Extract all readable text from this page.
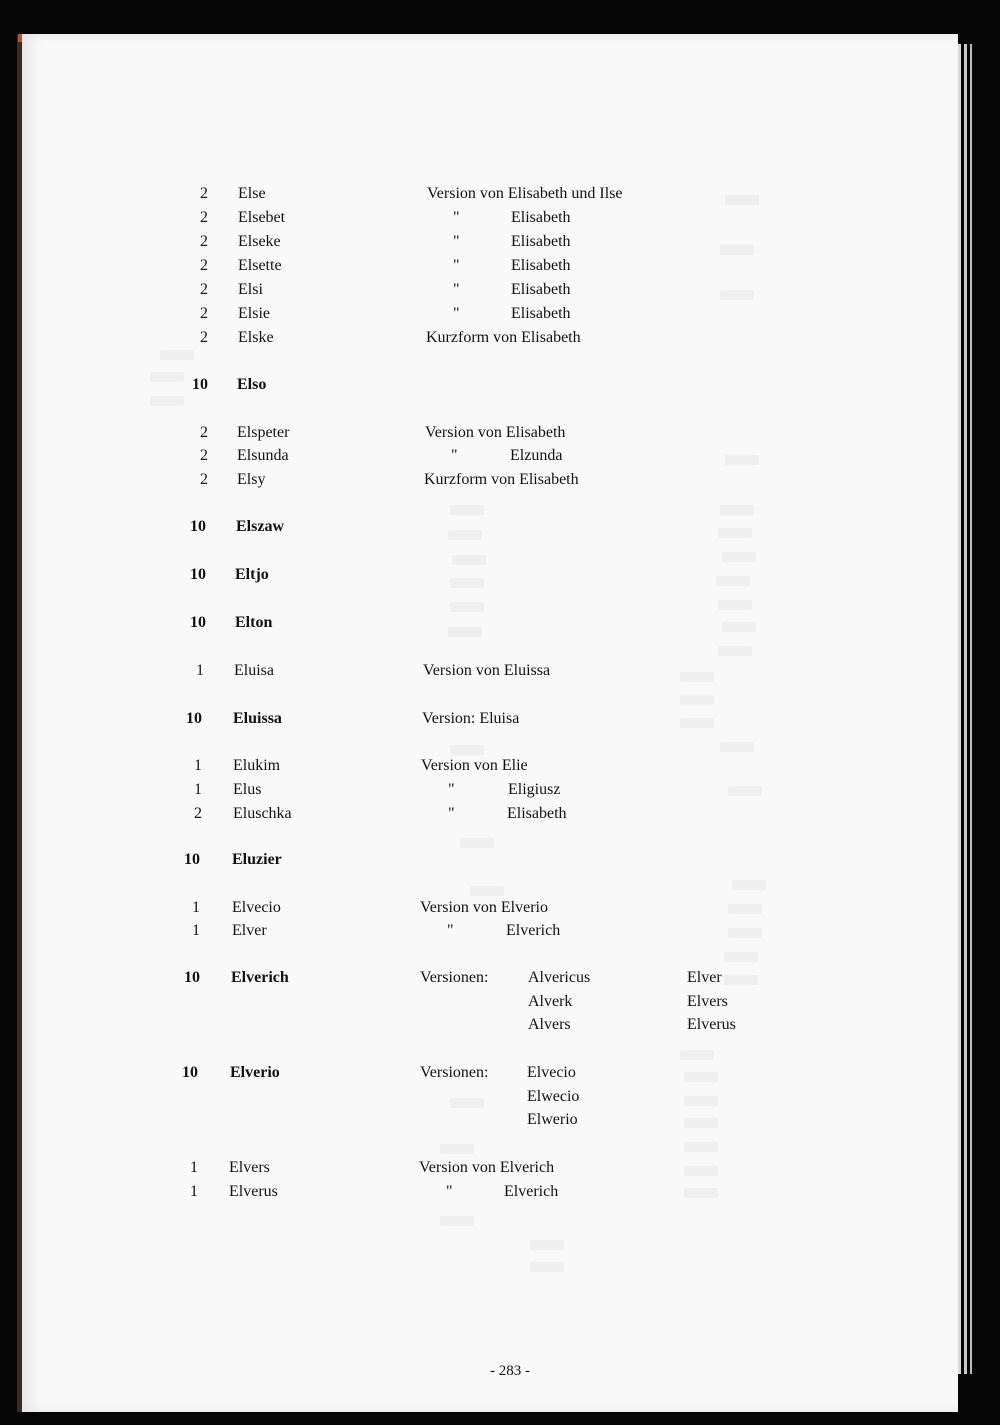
2 Else	Version von Elisabeth und Ilse
2 Elsebet	"	Elisabeth
2 Elseke	"	Elisabeth
2 Elsette	"	Elisabeth
2 Elsi	"	Elisabeth
2 Elsie	"	Elisabeth
2 Elske	Kurzform von Elisabeth
10 Elso
2 Elspeter	Version von Elisabeth
2 Elsunda	"	Elzunda
2 Elsy	Kurzform von Elisabeth
10 Elszaw
10 Eltjo
10 Elton
1 Eluisa	Version von Eluissa
10 Eluissa	Version: Eluisa
1 Elukim	Version von Elie
1 Elus	"	Eligiusz
2 Eluschka	"	Elisabeth
10 Eluzier
1 Elvecio	Version von Elverio
1 Elver	"	Elverich
10 Elverich	Versionen: Alvericus	Elver
Alverk	Elvers
Alvers	Elverus
10 Elverio	Versionen: Elvecio
Elwecio
Elwerio
1 Elvers	Version von Elverich
1 Elverus	"	Elverich
- 283 -
